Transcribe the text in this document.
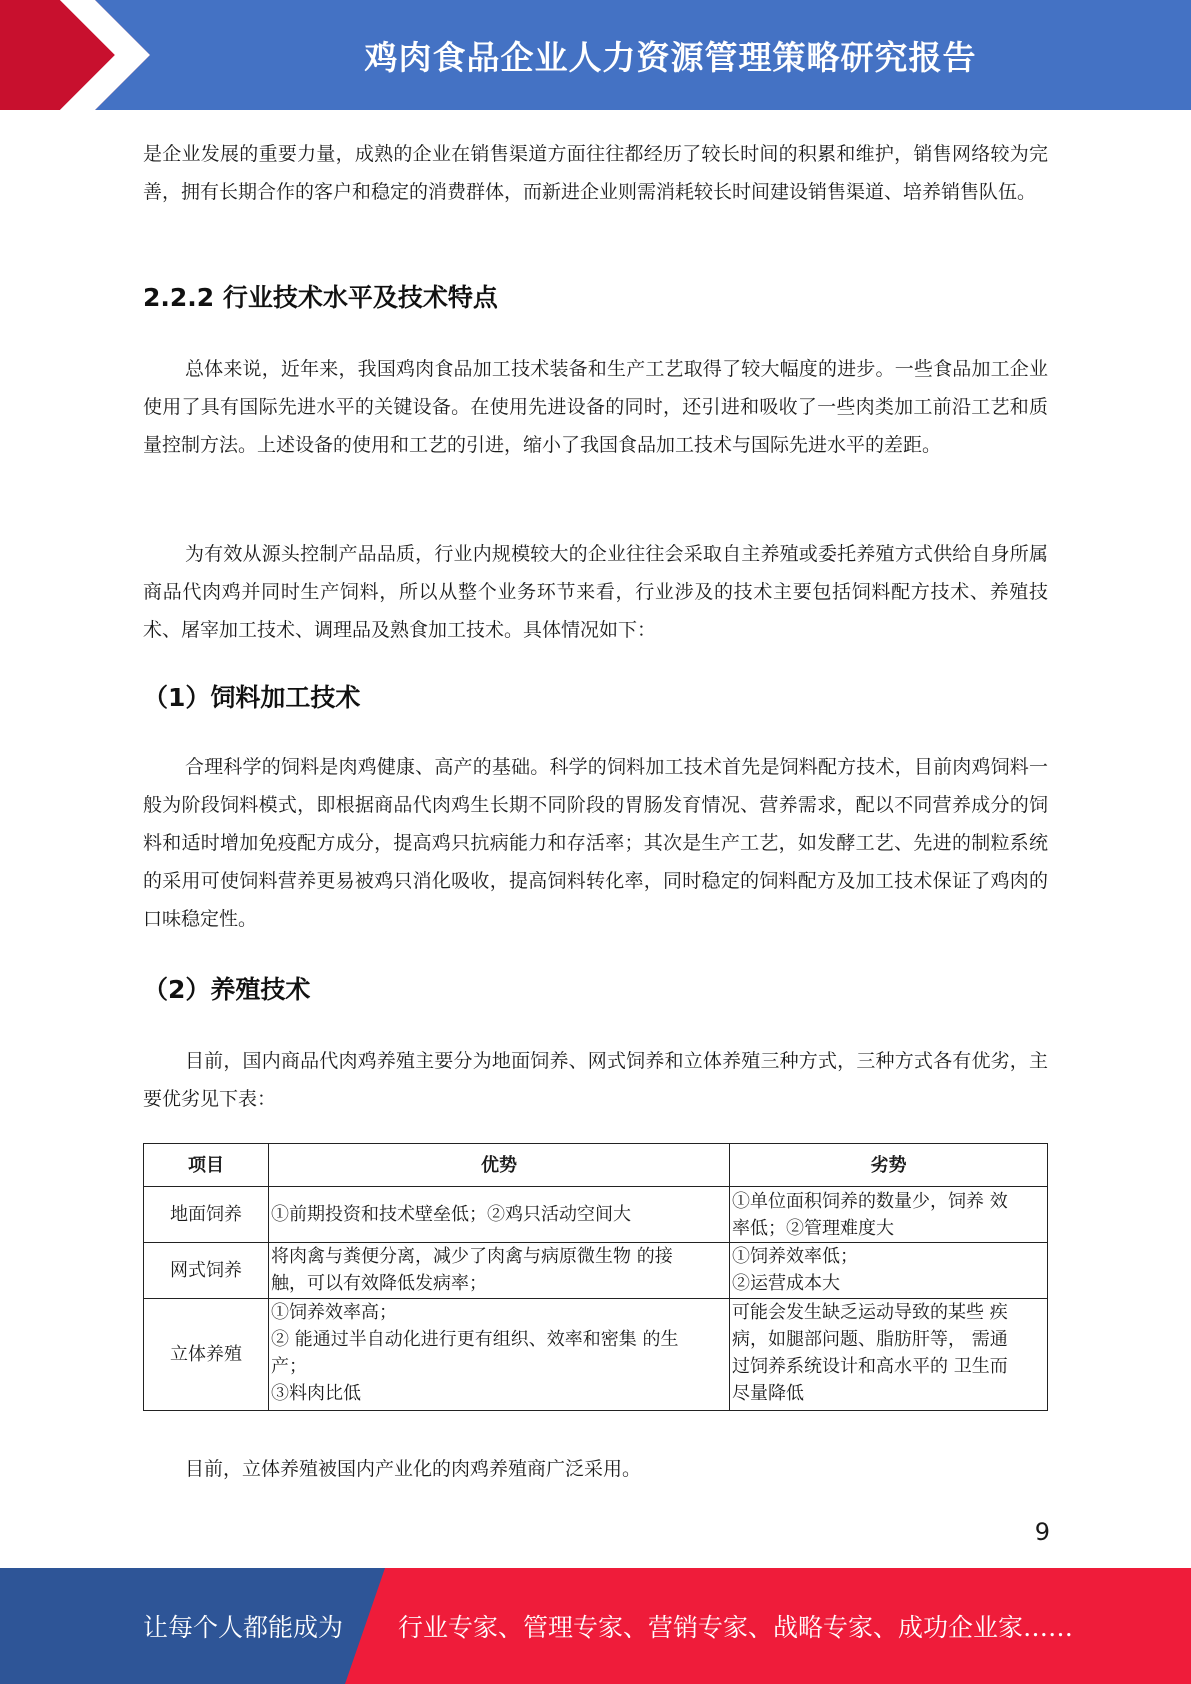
鸡肉食品企业人力资源管理策略研究报告

是企业发展的重要力量，成熟的企业在销售渠道方面往往都经历了较长时间的积累和维护，销售网络较为完善，拥有长期合作的客户和稳定的消费群体，而新进企业则需消耗较长时间建设销售渠道、培养销售队伍。

2.2.2 行业技术水平及技术特点

总体来说，近年来，我国鸡肉食品加工技术装备和生产工艺取得了较大幅度的进步。一些食品加工企业使用了具有国际先进水平的关键设备。在使用先进设备的同时，还引进和吸收了一些肉类加工前沿工艺和质量控制方法。上述设备的使用和工艺的引进，缩小了我国食品加工技术与国际先进水平的差距。

为有效从源头控制产品品质，行业内规模较大的企业往往会采取自主养殖或委托养殖方式供给自身所属商品代肉鸡并同时生产饲料，所以从整个业务环节来看，行业涉及的技术主要包括饲料配方技术、养殖技术、屠宰加工技术、调理品及熟食加工技术。具体情况如下：

（1）饲料加工技术

合理科学的饲料是肉鸡健康、高产的基础。科学的饲料加工技术首先是饲料配方技术，目前肉鸡饲料一般为阶段饲料模式，即根据商品代肉鸡生长期不同阶段的胃肠发育情况、营养需求，配以不同营养成分的饲料和适时增加免疫配方成分，提高鸡只抗病能力和存活率；其次是生产工艺，如发酵工艺、先进的制粒系统的采用可使饲料营养更易被鸡只消化吸收，提高饲料转化率，同时稳定的饲料配方及加工技术保证了鸡肉的口味稳定性。

（2）养殖技术

目前，国内商品代肉鸡养殖主要分为地面饲养、网式饲养和立体养殖三种方式，三种方式各有优劣，主要优劣见下表：

项目	优势	劣势
地面饲养	①前期投资和技术壁垒低；②鸡只活动空间大	①单位面积饲养的数量少，饲养 效
率低；②管理难度大

网式饲养	将肉禽与粪便分离，减少了肉禽与病原微生物 的接
触，可以有效降低发病率；	①饲养效率低；
②运营成本大

立体养殖	①饲养效率高；
② 能通过半自动化进行更有组织、效率和密集 的生
产；
③料肉比低	可能会发生缺乏运动导致的某些 疾
病，如腿部问题、脂肪肝等， 需通
过饲养系统设计和高水平的 卫生而
尽量降低

目前，立体养殖被国内产业化的肉鸡养殖商广泛采用。

9
让每个人都能成为 行业专家、管理专家、营销专家、战略专家、成功企业家……
